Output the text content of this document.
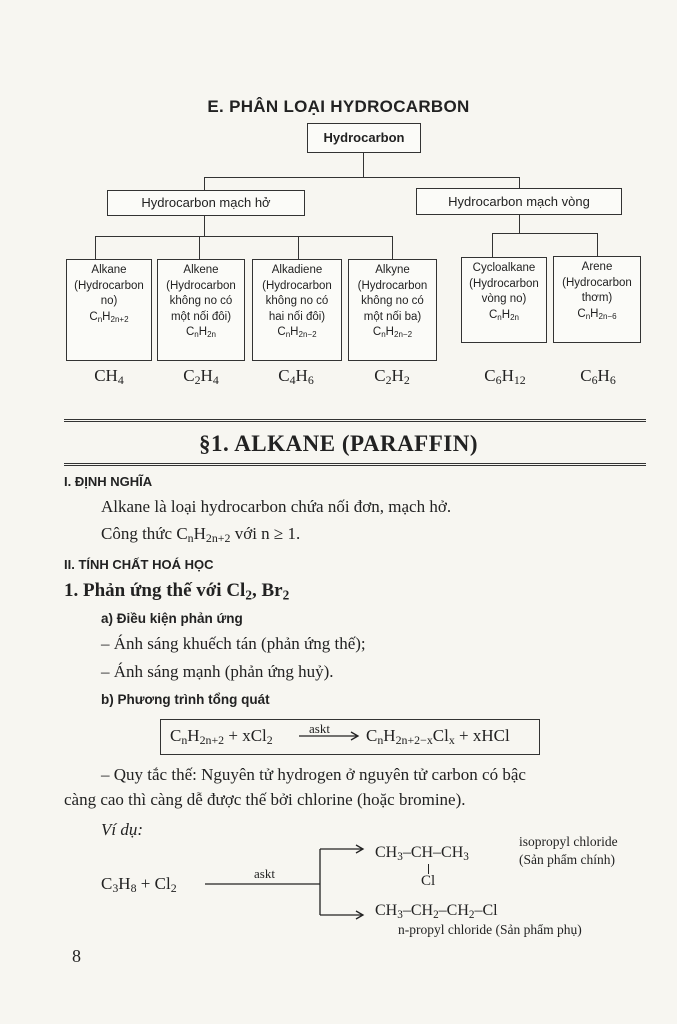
E. PHÂN LOẠI HYDROCARBON
Hydrocarbon
Hydrocarbon mạch hở	Hydrocarbon mạch vòng
Alkane
(Hydrocarbon
no)
$C_nH_{2n+2}$
Alkene
(Hydrocarbon
không no có
một nối đôi)
$C_nH_{2n}$
Alkadiene
(Hydrocarbon
không no có
hai nối đôi)
$C_nH_{2n-2}$
Alkyne
(Hydrocarbon
không no có
một nối ba)
$C_nH_{2n-2}$
Cycloalkane
(Hydrocarbon
vòng no)
$C_nH_{2n}$
Arene
(Hydrocarbon
thơm)
$C_nH_{2n-6}$
$CH_4$	$C_2H_4$	$C_4H_6$	$C_2H_2$	$C_6H_{12}$	$C_6H_6$
§1. ALKANE (PARAFFIN)
I. ĐỊNH NGHĨA
Alkane là loại hydrocarbon chứa nối đơn, mạch hở.
Công thức $C_nH_{2n+2}$ với n ≥ 1.
II. TÍNH CHẤT HOÁ HỌC
1. Phản ứng thế với $Cl_2$, $Br_2$
a) Điều kiện phản ứng
– Ánh sáng khuếch tán (phản ứng thế);
– Ánh sáng mạnh (phản ứng huỷ).
b) Phương trình tổng quát
$C_nH_{2n+2} + xCl_2$
askt → $C_nH_{2n+2-x}Cl_x$ + xHCl
– Quy tắc thế: Nguyên tử hydrogen ở nguyên tử carbon có bậc
càng cao thì càng dễ được thế bởi chlorine (hoặc bromine).
Ví dụ:
$C_3H_8 + Cl_2$
askt
$CH_3-CH-CH_3$
Cl
isopropyl chloride
(Sản phẩm chính)
$CH_3-CH_2-CH_2-Cl$
n-propyl chloride (Sản phẩm phụ)
8
